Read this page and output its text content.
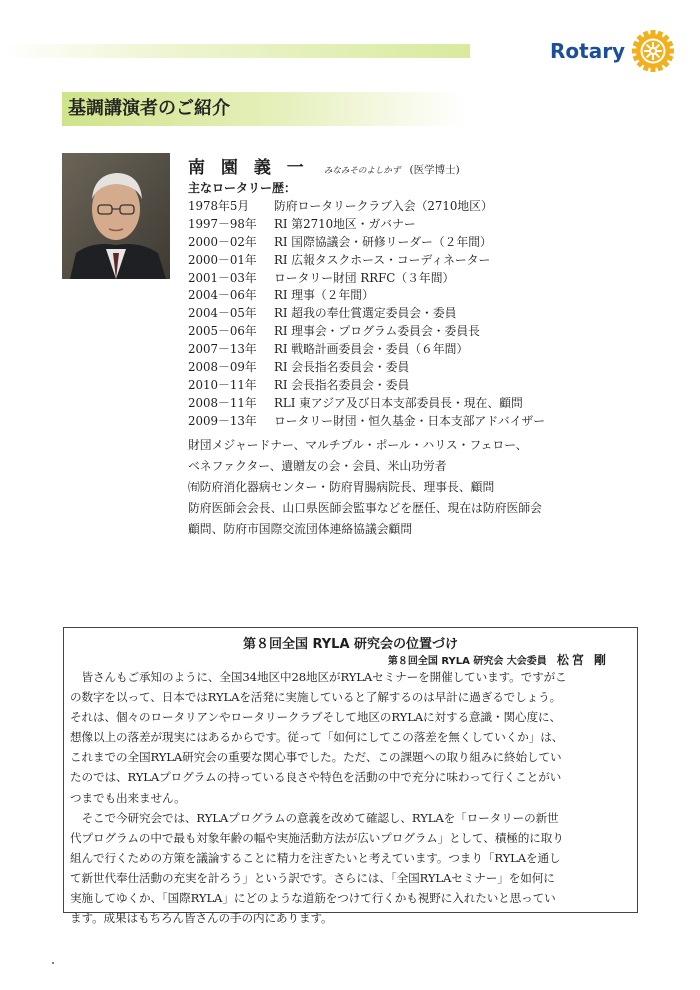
Rotary
基調講演者のご紹介
南 園 義 一 みなみそのよしかず (医学博士)
主なロータリー歴：
1978年5月	防府ロータリークラブ入会（2710地区）
1997－98年	RI 第2710地区・ガバナー
2000－02年	RI 国際協議会・研修リーダー（２年間）
2000－01年	RI 広報タスクホース・コーディネーター
2001－03年	ロータリー財団 RRFC（３年間）
2004－06年	RI 理事（２年間）
2004－05年	RI 超我の奉仕賞選定委員会・委員
2005－06年	RI 理事会・プログラム委員会・委員長
2007－13年	RI 戦略計画委員会・委員（６年間）
2008－09年	RI 会長指名委員会・委員
2010－11年	RI 会長指名委員会・委員
2008－11年	RLI 東アジア及び日本支部委員長・現在、顧問
2009－13年	ロータリー財団・恒久基金・日本支部アドバイザー
財団メジャードナー、マルチプル・ポール・ハリス・フェロー、
ベネファクター、遺贈友の会・会員、米山功労者
㈲防府消化器病センター・防府胃腸病院長、理事長、顧問
防府医師会会長、山口県医師会監事などを歴任、現在は防府医師会
顧問、防府市国際交流団体連絡協議会顧問
第８回全国 RYLA 研究会の位置づけ
第８回全国 RYLA 研究会 大会委員 松宮 剛
　皆さんもご承知のように、全国34地区中28地区がRYLAセミナーを開催しています。ですがこ
の数字を以って、日本ではRYLAを活発に実施していると了解するのは早計に過ぎるでしょう。
それは、個々のロータリアンやロータリークラブそして地区のRYLAに対する意識・関心度に、
想像以上の落差が現実にはあるからです。従って「如何にしてこの落差を無くしていくか」は、
これまでの全国RYLA研究会の重要な関心事でした。ただ、この課題への取り組みに終始してい
たのでは、RYLAプログラムの持っている良さや特色を活動の中で充分に味わって行くことがい
つまでも出来ません。
　そこで今研究会では、RYLAプログラムの意義を改めて確認し、RYLAを「ロータリーの新世
代プログラムの中で最も対象年齢の幅や実施活動方法が広いプログラム」として、積極的に取り
組んで行くための方策を議論することに精力を注ぎたいと考えています。つまり「RYLAを通し
て新世代奉仕活動の充実を計ろう」という訳です。さらには、「全国RYLAセミナー」を如何に
実施してゆくか、「国際RYLA」にどのような道筋をつけて行くかも視野に入れたいと思ってい
ます。成果はもちろん皆さんの手の内にあります。
